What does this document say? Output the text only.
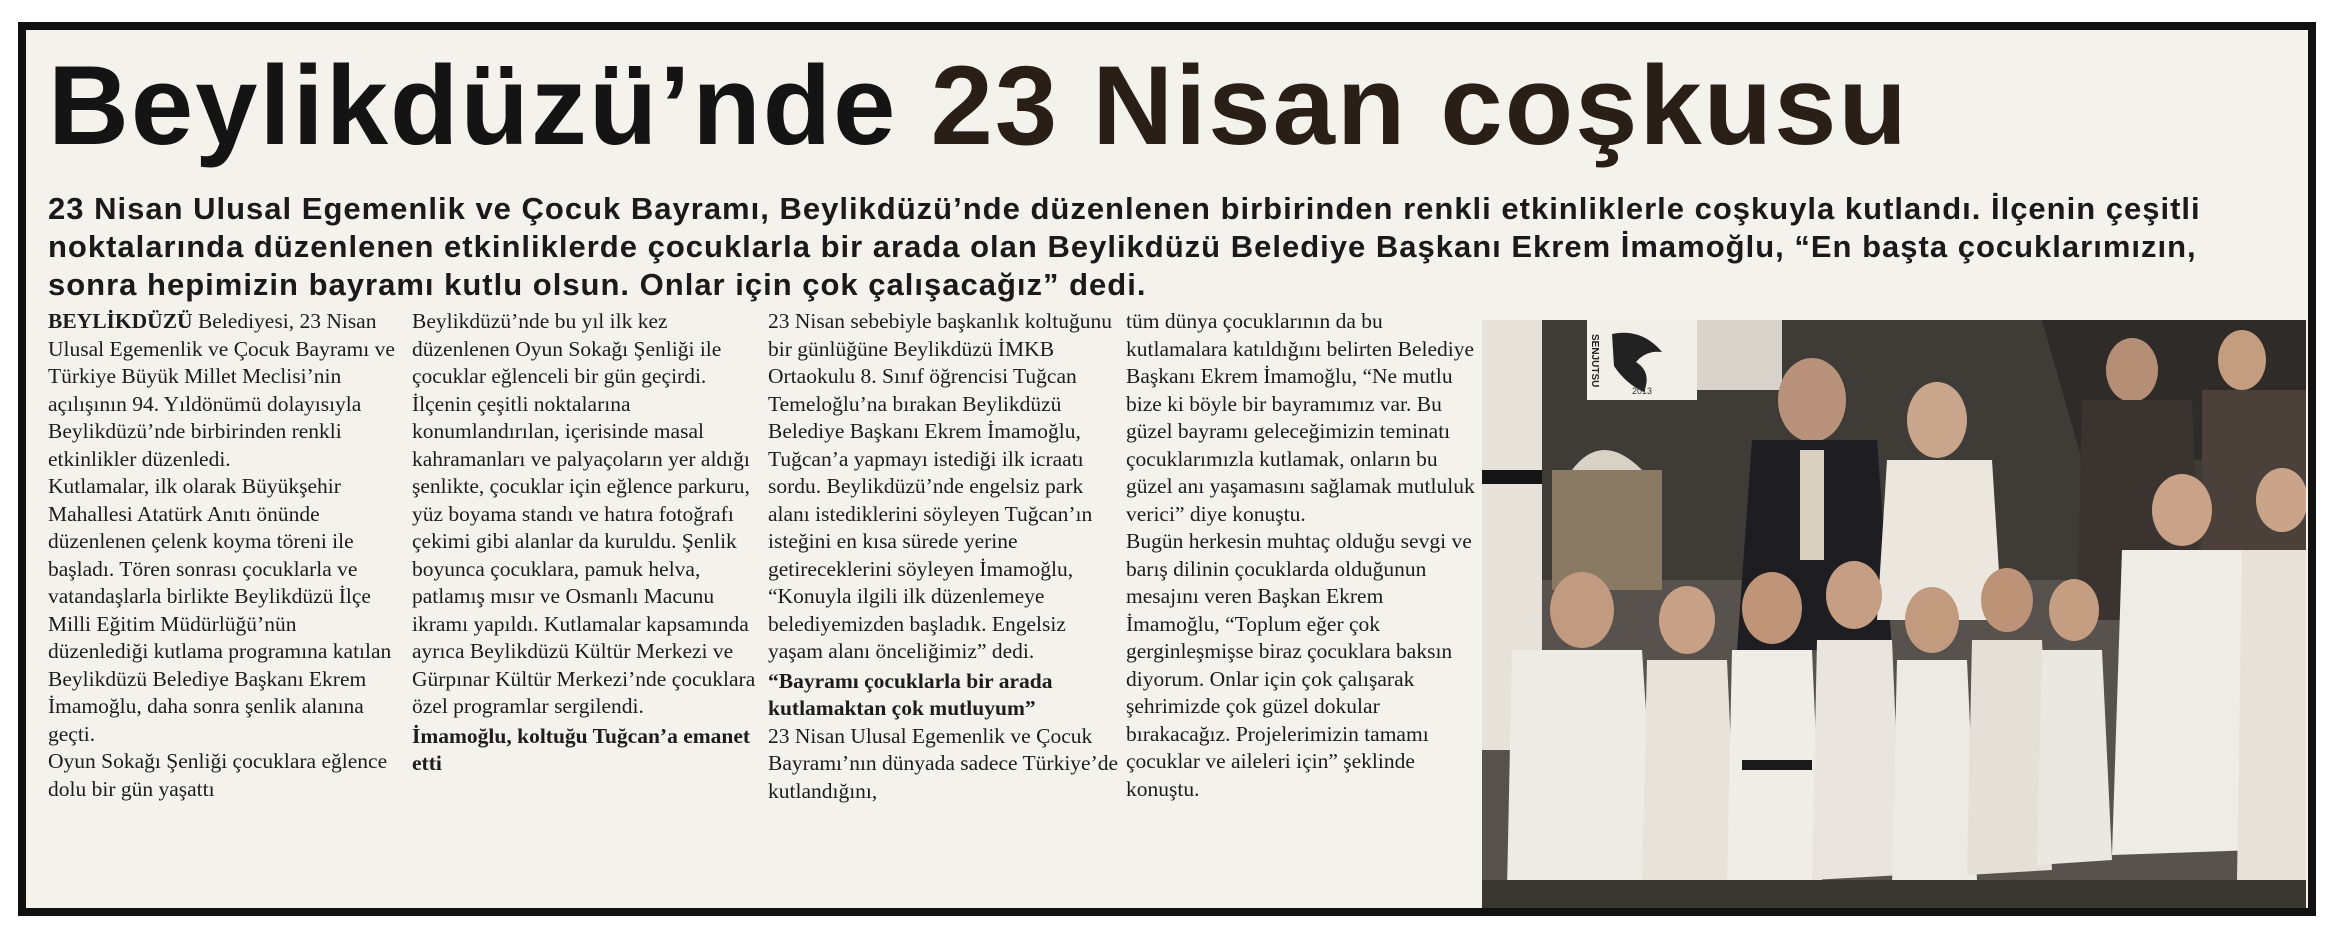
Beylikdüzü’nde 23 Nisan coşkusu
23 Nisan Ulusal Egemenlik ve Çocuk Bayramı, Beylikdüzü’nde düzenlenen birbirinden renkli etkinliklerle coşkuyla kutlandı. İlçenin çeşitli noktalarında düzenlenen etkinliklerde çocuklarla bir arada olan Beylikdüzü Belediye Başkanı Ekrem İmamoğlu, “En başta çocuklarımızın, sonra hepimizin bayramı kutlu olsun. Onlar için çok çalışacağız” dedi.

BEYLİKDÜZÜ Belediyesi, 23 Nisan Ulusal Egemenlik ve Çocuk Bayramı ve Türkiye Büyük Millet Meclisi’nin açılışının 94. Yıldönümü dolayısıyla Beylikdüzü’nde birbirinden renkli etkinlikler düzenledi.

Kutlamalar, ilk olarak Büyükşehir Mahallesi Atatürk Anıtı önünde düzenlenen çelenk koyma töreni ile başladı. Tören sonrası çocuklarla ve vatandaşlarla birlikte Beylikdüzü İlçe Milli Eğitim Müdürlüğü’nün düzenlediği kutlama programına katılan Beylikdüzü Belediye Başkanı Ekrem İmamoğlu, daha sonra şenlik alanına geçti.

Oyun Sokağı Şenliği çocuklara eğlence dolu bir gün yaşattı

Beylikdüzü’nde bu yıl ilk kez düzenlenen Oyun Sokağı Şenliği ile çocuklar eğlenceli bir gün geçirdi. İlçenin çeşitli noktalarına konumlandırılan, içerisinde masal kahramanları ve palyaçoların yer aldığı şenlikte, çocuklar için eğlence parkuru, yüz boyama standı ve hatıra fotoğrafı çekimi gibi alanlar da kuruldu. Şenlik boyunca çocuklara, pamuk helva, patlamış mısır ve Osmanlı Macunu ikramı yapıldı. Kutlamalar kapsamında ayrıca Beylikdüzü Kültür Merkezi ve Gürpınar Kültür Merkezi’nde çocuklara özel programlar sergilendi.

İmamoğlu, koltuğu Tuğcan’a emanet etti

23 Nisan sebebiyle başkanlık koltuğunu bir günlüğüne Beylikdüzü İMKB Ortaokulu 8. Sınıf öğrencisi Tuğcan Temeloğlu’na bırakan Beylikdüzü Belediye Başkanı Ekrem İmamoğlu, Tuğcan’a yapmayı istediği ilk icraatı sordu. Beylikdüzü’nde engelsiz park alanı istediklerini söyleyen Tuğcan’ın isteğini en kısa sürede yerine getireceklerini söyleyen İmamoğlu, “Konuyla ilgili ilk düzenlemeye belediyemizden başladık. Engelsiz yaşam alanı önceliğimiz” dedi.

“Bayramı çocuklarla bir arada kutlamaktan çok mutluyum”

23 Nisan Ulusal Egemenlik ve Çocuk Bayramı’nın dünyada sadece Türkiye’de kutlandığını,

tüm dünya çocuklarının da bu kutlamalara katıldığını belirten Belediye Başkanı Ekrem İmamoğlu, “Ne mutlu bize ki böyle bir bayramımız var. Bu güzel bayramı geleceğimizin teminatı çocuklarımızla kutlamak, onların bu güzel anı yaşamasını sağlamak mutluluk verici” diye konuştu.

Bugün herkesin muhtaç olduğu sevgi ve barış dilinin çocuklarda olduğunun mesajını veren Başkan Ekrem İmamoğlu, “Toplum eğer çok gerginleşmişse biraz çocuklara baksın diyorum. Onlar için çok çalışarak şehrimizde çok güzel dokular bırakacağız. Projelerimizin tamamı çocuklar ve aileleri için” şeklinde konuştu.

2013
SENJUTSU
